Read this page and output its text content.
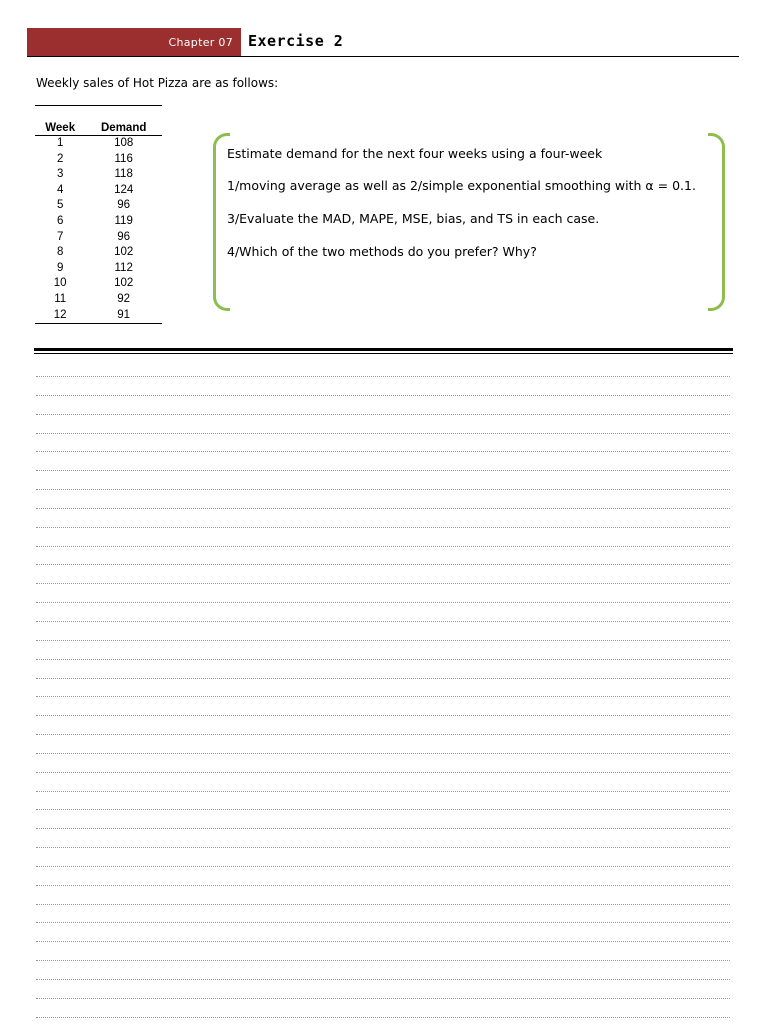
Chapter 07 Exercise 2
Weekly sales of Hot Pizza are as follows:
Week	Demand
1	108
2	116
3	118
4	124
5	96
6	119
7	96
8	102
9	112
10	102
11	92
12	91
Estimate demand for the next four weeks using a four-week
1/moving average as well as 2/simple exponential smoothing with α = 0.1.
3/Evaluate the MAD, MAPE, MSE, bias, and TS in each case.
4/Which of the two methods do you prefer? Why?
